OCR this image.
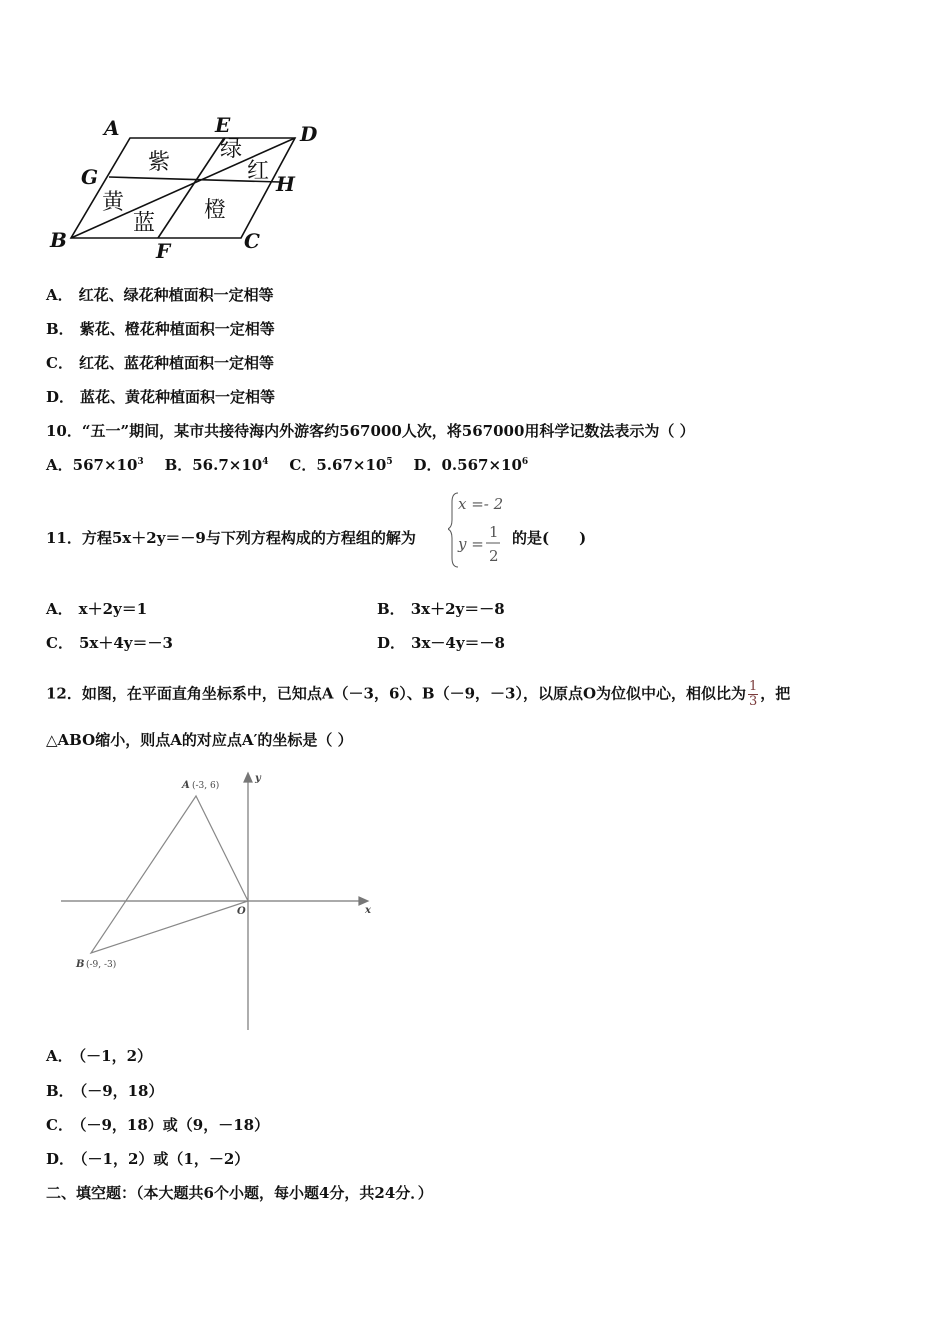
A	E	D
G	H
B	F	C
紫
绿
红
黄
蓝
橙
A． 红花、绿花种植面积一定相等
B． 紫花、橙花种植面积一定相等
C． 红花、蓝花种植面积一定相等
D． 蓝花、黄花种植面积一定相等
10．“五一”期间，某市共接待海内外游客约567000人次，将567000用科学记数法表示为（ ）
A．$567\times 10^3$ B．$56.7\times 10^4$ C．$5.67\times 10^5$ D．$0.567\times 10^6$
11．方程5x＋2y＝－9与下列方程构成的方程组的解为
x =- 2
y =
1
2
的是(　　)
A． x＋2y＝1	B． 3x＋2y＝－8
C． 5x＋4y＝－3	D． 3x－4y＝－8
12．如图，在平面直角坐标系中，已知点A（－3，6）、B（－9，－3），以原点O为位似中心，相似比为 $\frac{1}{3}$ ，把
△ABO缩小，则点A的对应点A′的坐标是（ ）
A (-3, 6)
B (-9, -3)
O	x
y
A． （－1，2）
B． （－9，18）
C． （－9，18）或（9，－18）
D． （－1，2）或（1，－2）
二、填空题：（本大题共6个小题，每小题4分，共24分．）
